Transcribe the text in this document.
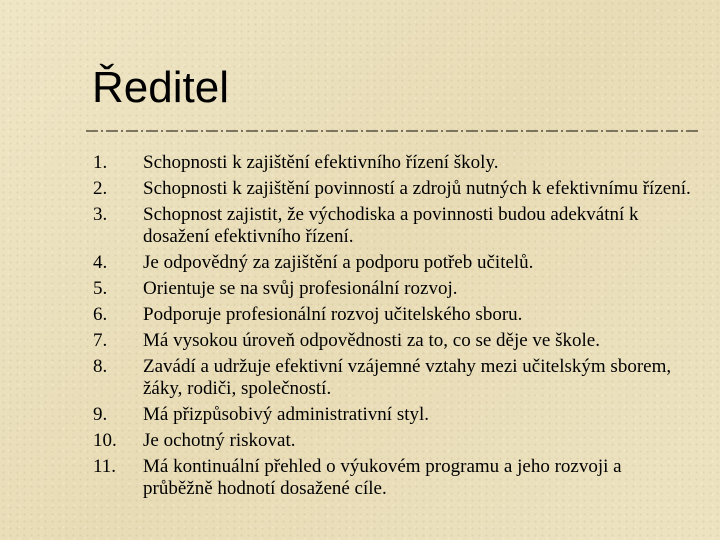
Ředitel
1.	Schopnosti k zajištění efektivního řízení školy.
2.	Schopnosti k zajištění povinností a zdrojů nutných k efektivnímu řízení.
3.	Schopnost zajistit, že východiska a povinnosti budou adekvátní k dosažení efektivního řízení.
4.	Je odpovědný za zajištění a podporu potřeb učitelů.
5.	Orientuje se na svůj profesionální rozvoj.
6.	Podporuje profesionální rozvoj učitelského sboru.
7.	Má vysokou úroveň odpovědnosti za to, co se děje ve škole.
8.	Zavádí a udržuje efektivní vzájemné vztahy mezi učitelským sborem, žáky, rodiči, společností.
9.	Má přizpůsobivý administrativní styl.
10.	Je ochotný riskovat.
11.	Má kontinuální přehled o výukovém programu a jeho rozvoji a průběžně hodnotí dosažené cíle.
